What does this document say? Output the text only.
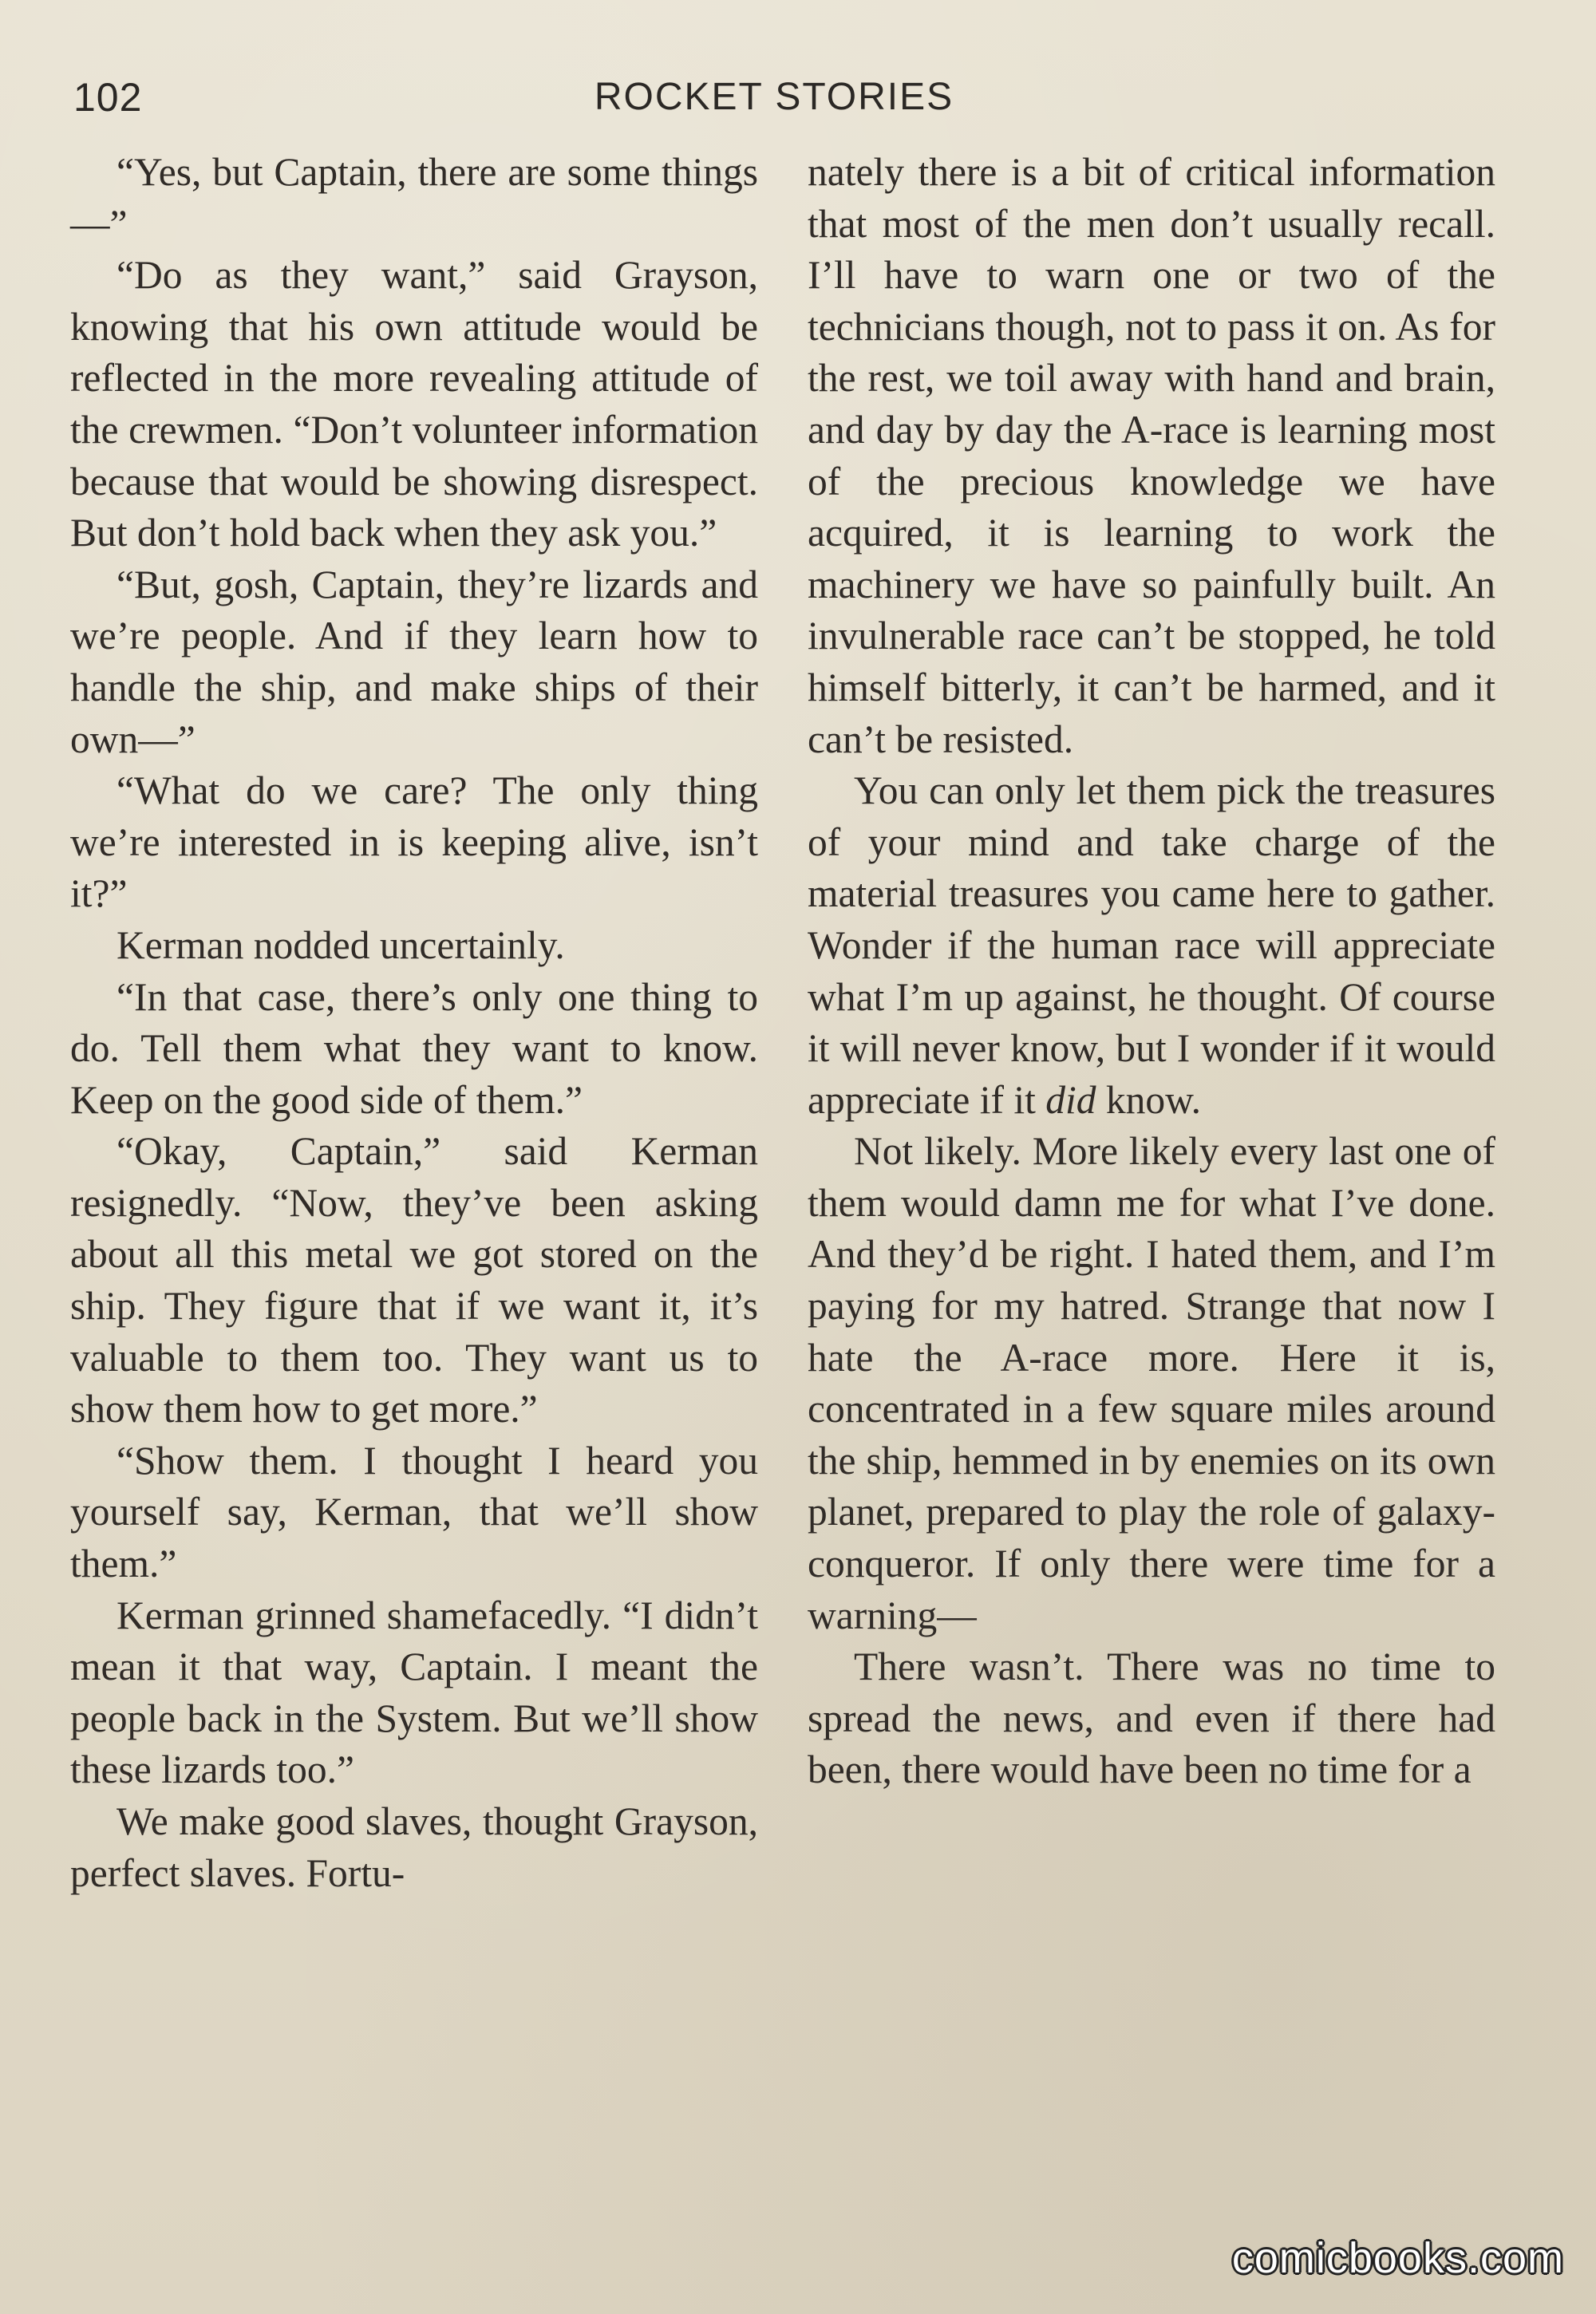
102	ROCKET STORIES

“Yes, but Captain, there are some things—”

“Do as they want,” said Grayson, knowing that his own attitude would be reflected in the more revealing attitude of the crewmen. “Don’t volunteer information because that would be showing disrespect. But don’t hold back when they ask you.”

“But, gosh, Captain, they’re lizards and we’re people. And if they learn how to handle the ship, and make ships of their own—”

“What do we care? The only thing we’re interested in is keeping alive, isn’t it?”

Kerman nodded uncertainly.

“In that case, there’s only one thing to do. Tell them what they want to know. Keep on the good side of them.”

“Okay, Captain,” said Kerman resignedly. “Now, they’ve been asking about all this metal we got stored on the ship. They figure that if we want it, it’s valuable to them too. They want us to show them how to get more.”

“Show them. I thought I heard you yourself say, Kerman, that we’ll show them.”

Kerman grinned shamefacedly. “I didn’t mean it that way, Captain. I meant the people back in the System. But we’ll show these lizards too.”

We make good slaves, thought Grayson, perfect slaves. Fortu-

nately there is a bit of critical information that most of the men don’t usually recall. I’ll have to warn one or two of the technicians though, not to pass it on. As for the rest, we toil away with hand and brain, and day by day the A-race is learning most of the precious knowledge we have acquired, it is learning to work the machinery we have so painfully built. An invulnerable race can’t be stopped, he told himself bitterly, it can’t be harmed, and it can’t be resisted.

You can only let them pick the treasures of your mind and take charge of the material treasures you came here to gather. Wonder if the human race will appreciate what I’m up against, he thought. Of course it will never know, but I wonder if it would appreciate if it did know.

Not likely. More likely every last one of them would damn me for what I’ve done. And they’d be right. I hated them, and I’m paying for my hatred. Strange that now I hate the A-race more. Here it is, concentrated in a few square miles around the ship, hemmed in by enemies on its own planet, prepared to play the role of galaxy-conqueror. If only there were time for a warning—

There wasn’t. There was no time to spread the news, and even if there had been, there would have been no time for a

comicbooks.com
